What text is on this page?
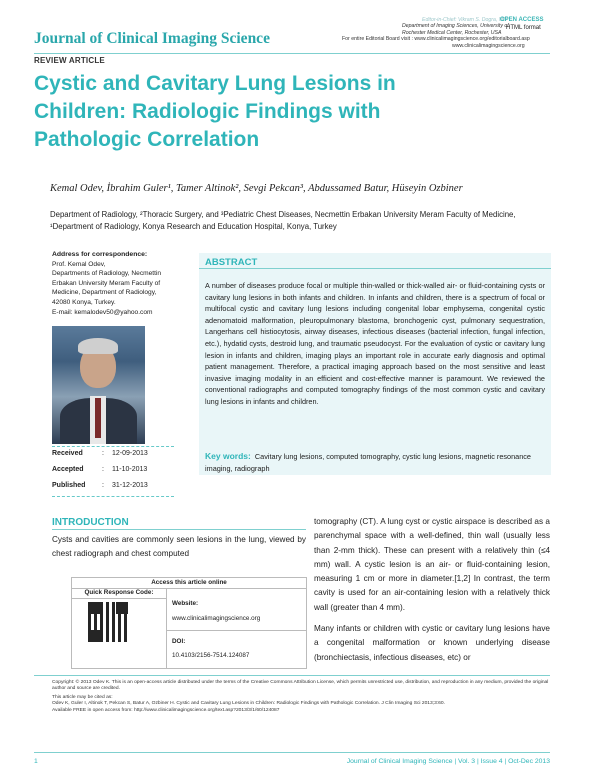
Journal of Clinical Imaging Science
Editor-in-Chief: Vikram S. Dogra, MD
Department of Imaging Sciences, University of
Rochester Medical Center, Rochester, USA
For entire Editorial Board visit : www.clinicalimagingscience.org/editorialboard.asp
www.clinicalimagingscience.org
OPEN ACCESS
HTML format
REVIEW ARTICLE
Cystic and Cavitary Lung Lesions in Children: Radiologic Findings with Pathologic Correlation
Kemal Odev, İbrahim Guler¹, Tamer Altinok², Sevgi Pekcan³, Abdussamed Batur, Hüseyin Ozbiner
Department of Radiology, ²Thoracic Surgery, and ³Pediatric Chest Diseases, Necmettin Erbakan University Meram Faculty of Medicine, ¹Department of Radiology, Konya Research and Education Hospital, Konya, Turkey
Address for correspondence:
Prof. Kemal Odev,
Departments of Radiology, Necmettin
Erbakan University Meram Faculty of
Medicine, Department of Radiology,
42080 Konya, Turkey.
E-mail: kemalodev50@yahoo.com
Received	: 12-09-2013
Accepted	: 11-10-2013
Published : 31-12-2013
ABSTRACT
A number of diseases produce focal or multiple thin-walled or thick-walled air- or fluid-containing cysts or cavitary lung lesions in both infants and children. In infants and children, there is a spectrum of focal or multifocal cystic and cavitary lung lesions including congenital lobar emphysema, congenital cystic adenomatoid malformation, pleuropulmonary blastoma, bronchogenic cyst, pulmonary sequestration, Langerhans cell histiocytosis, airway diseases, infectious diseases (bacterial infection, fungal infection, etc.), hydatid cysts, destroid lung, and traumatic pseudocyst. For the evaluation of cystic or cavitary lung lesion in infants and children, imaging plays an important role in accurate early diagnosis and optimal patient management. Therefore, a practical imaging approach based on the most sensitive and least invasive imaging modality in an efficient and cost-effective manner is paramount. We reviewed the conventional radiographs and computed tomography findings of the most common cystic and cavitary lung lesions in infants and children.
Key words: Cavitary lung lesions, computed tomography, cystic lung lesions, magnetic resonance imaging, radiograph
INTRODUCTION
Cysts and cavities are commonly seen lesions in the lung, viewed by chest radiograph and chest computed
tomography (CT). A lung cyst or cystic airspace is described as a parenchymal space with a well-defined, thin wall (usually less than 2-mm thick). These can present with a relatively thin (≤4 mm) wall. A cystic lesion is an air- or fluid-containing lesion, measuring 1 cm or more in diameter.[1,2] In contrast, the term cavity is used for an air-containing lesion with a relatively thick wall (greater than 4 mm).
Many infants or children with cystic or cavitary lung lesions have a congenital malformation or known underlying disease (bronchiectasis, infectious diseases, etc) or
Access this article online
Quick Response Code:
Website:
www.clinicalimagingscience.org
DOI:
10.4103/2156-7514.124087
Copyright: © 2013 Odev K. This is an open-access article distributed under the terms of the Creative Commons Attribution License, which permits unrestricted use, distribution, and reproduction in any medium, provided the original author and source are credited.
This article may be cited as:
Odev K, Guler I, Altinok T, Pekcan S, Batur A, Ozbiner H. Cystic and Cavitary Lung Lesions in Children: Radiologic Findings with Pathologic Correlation. J Clin Imaging Sci 2013;3:60.
Available FREE in open access from: http://www.clinicalimagingscience.org/text.asp?2013/3/1/60/124087
1	Journal of Clinical Imaging Science | Vol. 3 | Issue 4 | Oct-Dec 2013
